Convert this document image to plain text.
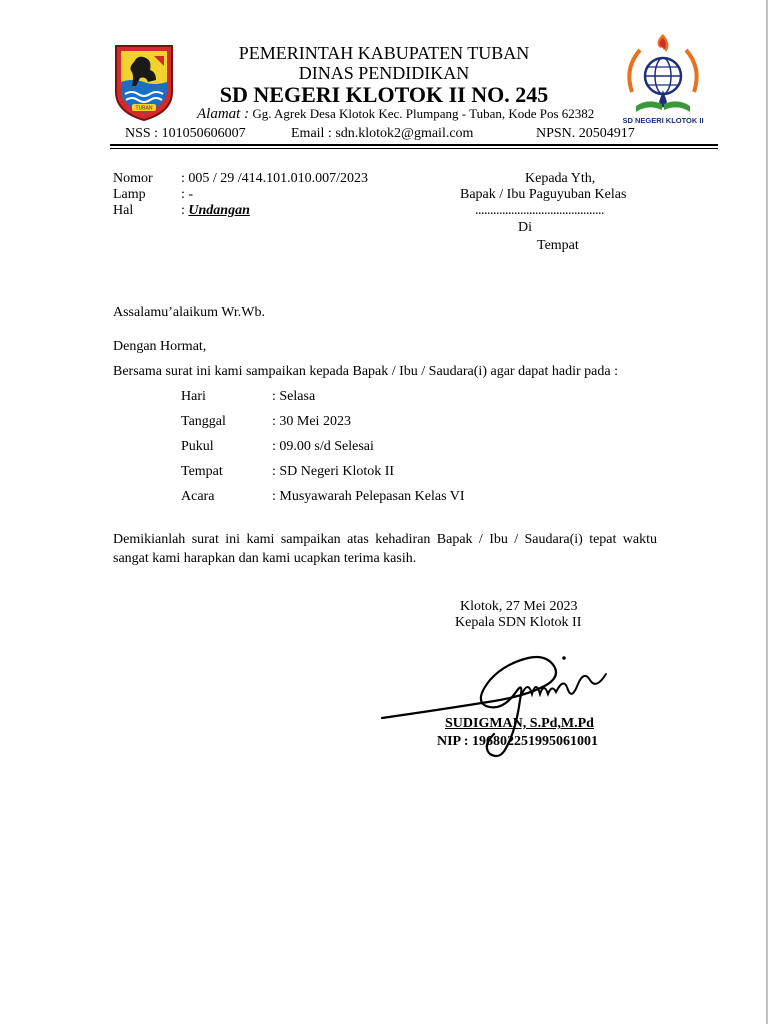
TUBAN
SD NEGERI KLOTOK II
PEMERINTAH KABUPATEN TUBAN
DINAS PENDIDIKAN
SD NEGERI KLOTOK II NO. 245
Alamat : Gg. Agrek Desa Klotok Kec. Plumpang - Tuban, Kode Pos 62382
NSS : 101050606007	Email : sdn.klotok2@gmail.com	NPSN. 20504917
Nomor : 005 / 29 /414.101.010.007/2023
Lamp	: -
Hal	: Undangan
Kepada Yth,
Bapak / Ibu Paguyuban Kelas
...........................................
Di
Tempat
Assalamu’alaikum Wr.Wb.
Dengan Hormat,
Bersama surat ini kami sampaikan kepada Bapak / Ibu / Saudara(i) agar dapat hadir pada :
Hari	: Selasa
Tanggal	: 30 Mei 2023
Pukul	: 09.00 s/d Selesai
Tempat	: SD Negeri Klotok II
Acara	: Musyawarah Pelepasan Kelas VI
Demikianlah surat ini kami sampaikan atas kehadiran Bapak / Ibu / Saudara(i) tepat waktu sangat kami harapkan dan kami ucapkan terima kasih.
Klotok, 27 Mei 2023
Kepala SDN Klotok II
SUDIGMAN, S.Pd,M.Pd
NIP : 196802251995061001
